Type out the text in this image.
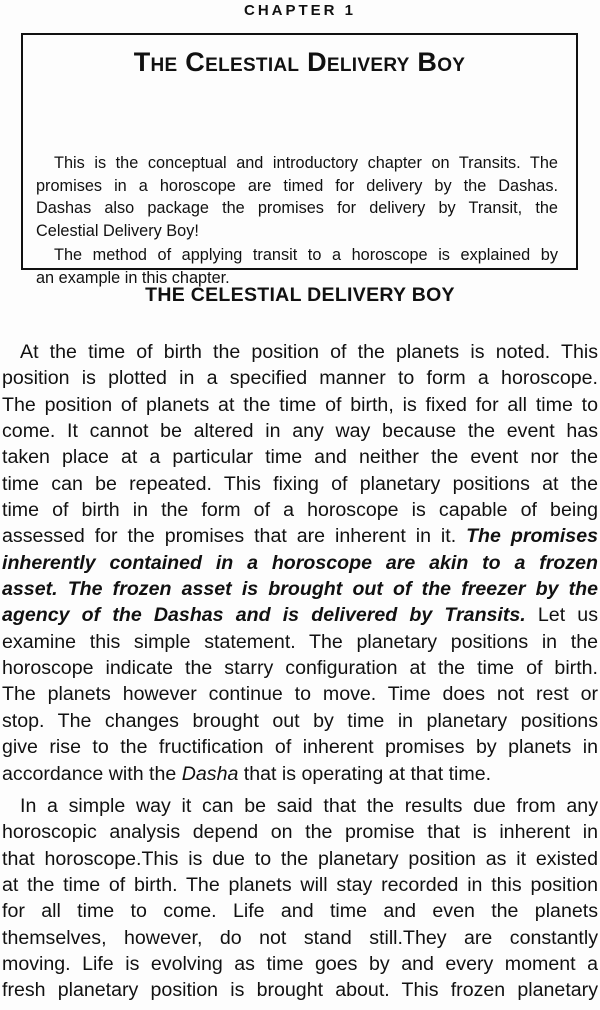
CHAPTER 1
The Celestial Delivery Boy
This is the conceptual and introductory chapter on Transits. The
promises in a horoscope are timed for delivery by the Dashas.
Dashas also package the promises for delivery by Transit, the
Celestial Delivery Boy!
The method of applying transit to a horoscope is explained by
an example in this chapter.
THE CELESTIAL DELIVERY BOY
At the time of birth the position of the planets is noted. This
position is plotted in a specified manner to form a horoscope.
The position of planets at the time of birth, is fixed for all time to
come. It cannot be altered in any way because the event has
taken place at a particular time and neither the event nor the
time can be repeated. This fixing of planetary positions at the
time of birth in the form of a horoscope is capable of being
assessed for the promises that are inherent in it. The promises
inherently contained in a horoscope are akin to a frozen
asset. The frozen asset is brought out of the freezer by the
agency of the Dashas and is delivered by Transits. Let us
examine this simple statement. The planetary positions in the
horoscope indicate the starry configuration at the time of birth.
The planets however continue to move. Time does not rest or
stop. The changes brought out by time in planetary positions
give rise to the fructification of inherent promises by planets in
accordance with the Dasha that is operating at that time.
In a simple way it can be said that the results due from any
horoscopic analysis depend on the promise that is inherent in
that horoscope.This is due to the planetary position as it existed
at the time of birth. The planets will stay recorded in this position
for all time to come. Life and time and even the planets
themselves, however, do not stand still.They are constantly
moving. Life is evolving as time goes by and every moment a
fresh planetary position is brought about. This frozen planetary
